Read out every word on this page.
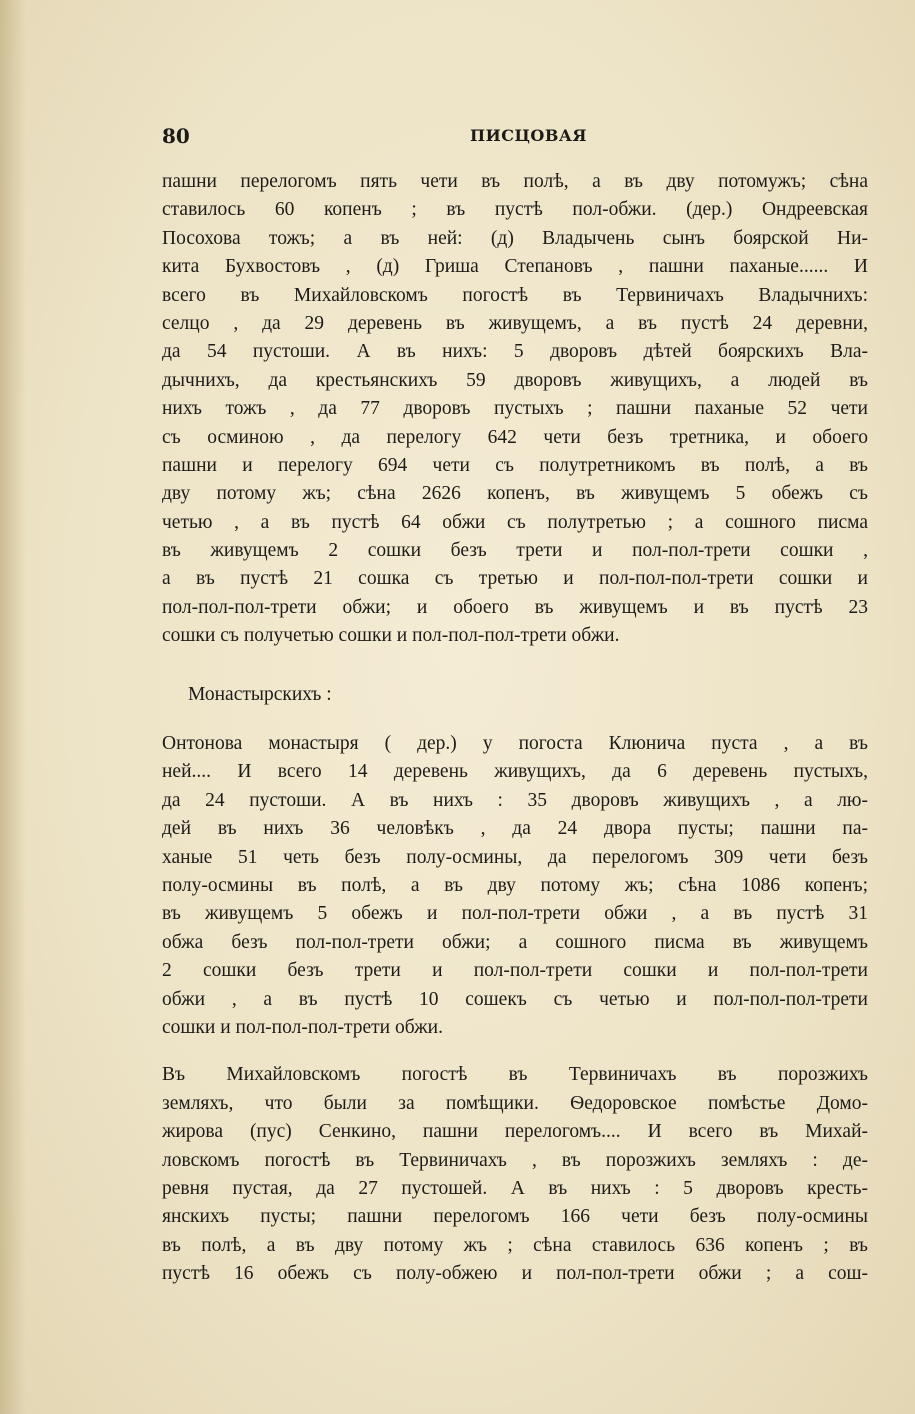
80	ПИСЦОВАЯ
пашни перелогомъ пять чети въ полѣ, а въ дву потомужъ; сѣна
ставилось 60 копенъ ; въ пустѣ пол-обжи. (дер.) Ондреевская
Посохова тожъ; а въ ней: (д) Владычень сынъ боярской Ни-
кита Бухвостовъ , (д) Гриша Степановъ , пашни паханые...... И
всего въ Михайловскомъ погостѣ въ Тервиничахъ Владычнихъ:
селцо , да 29 деревень въ живущемъ, а въ пустѣ 24 деревни,
да 54 пустоши. А въ нихъ: 5 дворовъ дѣтей боярскихъ Вла-
дычнихъ, да крестьянскихъ 59 дворовъ живущихъ, а людей въ
нихъ тожъ , да 77 дворовъ пустыхъ ; пашни паханые 52 чети
съ осминою , да перелогу 642 чети безъ третника, и обоего
пашни и перелогу 694 чети съ полутретникомъ въ полѣ, а въ
дву потому жъ; сѣна 2626 копенъ, въ живущемъ 5 обежъ съ
четью , а въ пустѣ 64 обжи съ полутретью ; а сошного писма
въ живущемъ 2 сошки безъ трети и пол-пол-трети сошки ,
а въ пустѣ 21 сошка съ третью и пол-пол-пол-трети сошки и
пол-пол-пол-трети обжи; и обоего въ живущемъ и въ пустѣ 23
сошки съ получетью сошки и пол-пол-пол-трети обжи.
Монастырскихъ :
Онтонова монастыря ( дер.) у погоста Клюнича пуста , а въ
ней.... И всего 14 деревень живущихъ, да 6 деревень пустыхъ,
да 24 пустоши. А въ нихъ : 35 дворовъ живущихъ , а лю-
дей въ нихъ 36 человѣкъ , да 24 двора пусты; пашни па-
ханые 51 четь безъ полу-осмины, да перелогомъ 309 чети безъ
полу-осмины въ полѣ, а въ дву потому жъ; сѣна 1086 копенъ;
въ живущемъ 5 обежъ и пол-пол-трети обжи , а въ пустѣ 31
обжа безъ пол-пол-трети обжи; а сошного писма въ живущемъ
2 сошки безъ трети и пол-пол-трети сошки и пол-пол-трети
обжи , а въ пустѣ 10 сошекъ съ четью и пол-пол-пол-трети
сошки и пол-пол-пол-трети обжи.
Въ Михайловскомъ погостѣ въ Тервиничахъ въ порозжихъ
земляхъ, что были за помѣщики. Ѳедоровское помѣстье Домо-
жирова (пус) Сенкино, пашни перелогомъ.... И всего въ Михай-
ловскомъ погостѣ въ Тервиничахъ , въ порозжихъ земляхъ : де-
ревня пустая, да 27 пустошей. А въ нихъ : 5 дворовъ кресть-
янскихъ пусты; пашни перелогомъ 166 чети безъ полу-осмины
въ полѣ, а въ дву потому жъ ; сѣна ставилось 636 копенъ ; въ
пустѣ 16 обежъ съ полу-обжею и пол-пол-трети обжи ; а сош-
